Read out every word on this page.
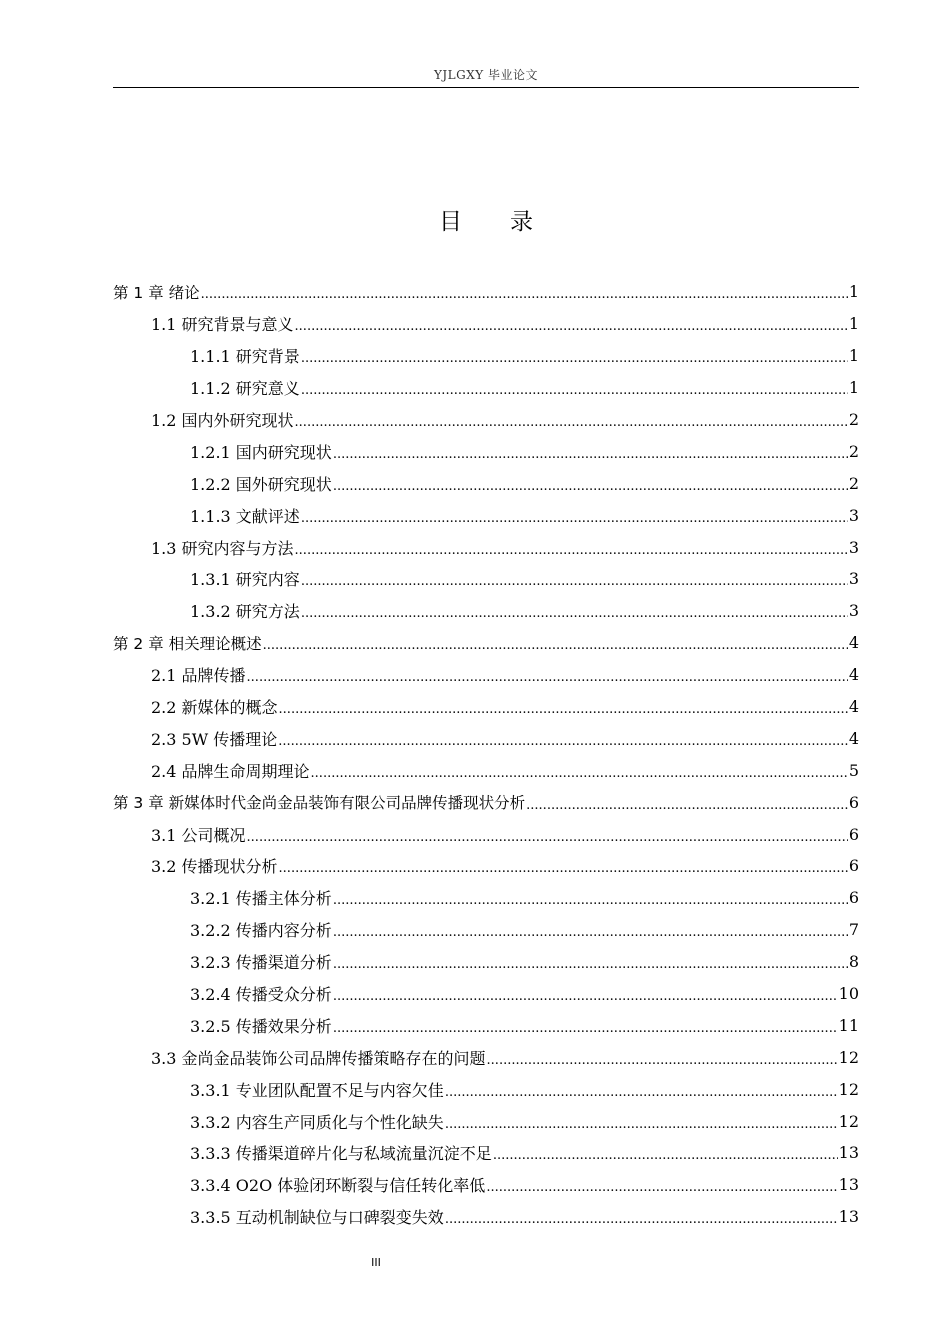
YJLGXY 毕业论文
目录
第 1 章 绪论 .....	1
1.1 研究背景与意义 .....	1
1.1.1 研究背景 .....	1
1.1.2 研究意义 .....	1
1.2 国内外研究现状 .....	2
1.2.1 国内研究现状 .....	2
1.2.2 国外研究现状 .....	2
1.1.3 文献评述 .....	3
1.3 研究内容与方法 .....	3
1.3.1 研究内容 .....	3
1.3.2 研究方法 .....	3
第 2 章 相关理论概述 .....	4
2.1 品牌传播 .....	4
2.2 新媒体的概念 .....	4
2.3 5W 传播理论 .....	4
2.4 品牌生命周期理论 .....	5
第 3 章 新媒体时代金尚金品装饰有限公司品牌传播现状分析 .....	6
3.1 公司概况 .....	6
3.2 传播现状分析 .....	6
3.2.1 传播主体分析 .....	6
3.2.2 传播内容分析 .....	7
3.2.3 传播渠道分析 .....	8
3.2.4 传播受众分析 .....	10
3.2.5 传播效果分析 .....	11
3.3 金尚金品装饰公司品牌传播策略存在的问题 .....	12
3.3.1 专业团队配置不足与内容欠佳 .....	12
3.3.2 内容生产同质化与个性化缺失 .....	12
3.3.3 传播渠道碎片化与私域流量沉淀不足 .....	13
3.3.4 O2O 体验闭环断裂与信任转化率低 .....	13
3.3.5 互动机制缺位与口碑裂变失效 .....	13
III
